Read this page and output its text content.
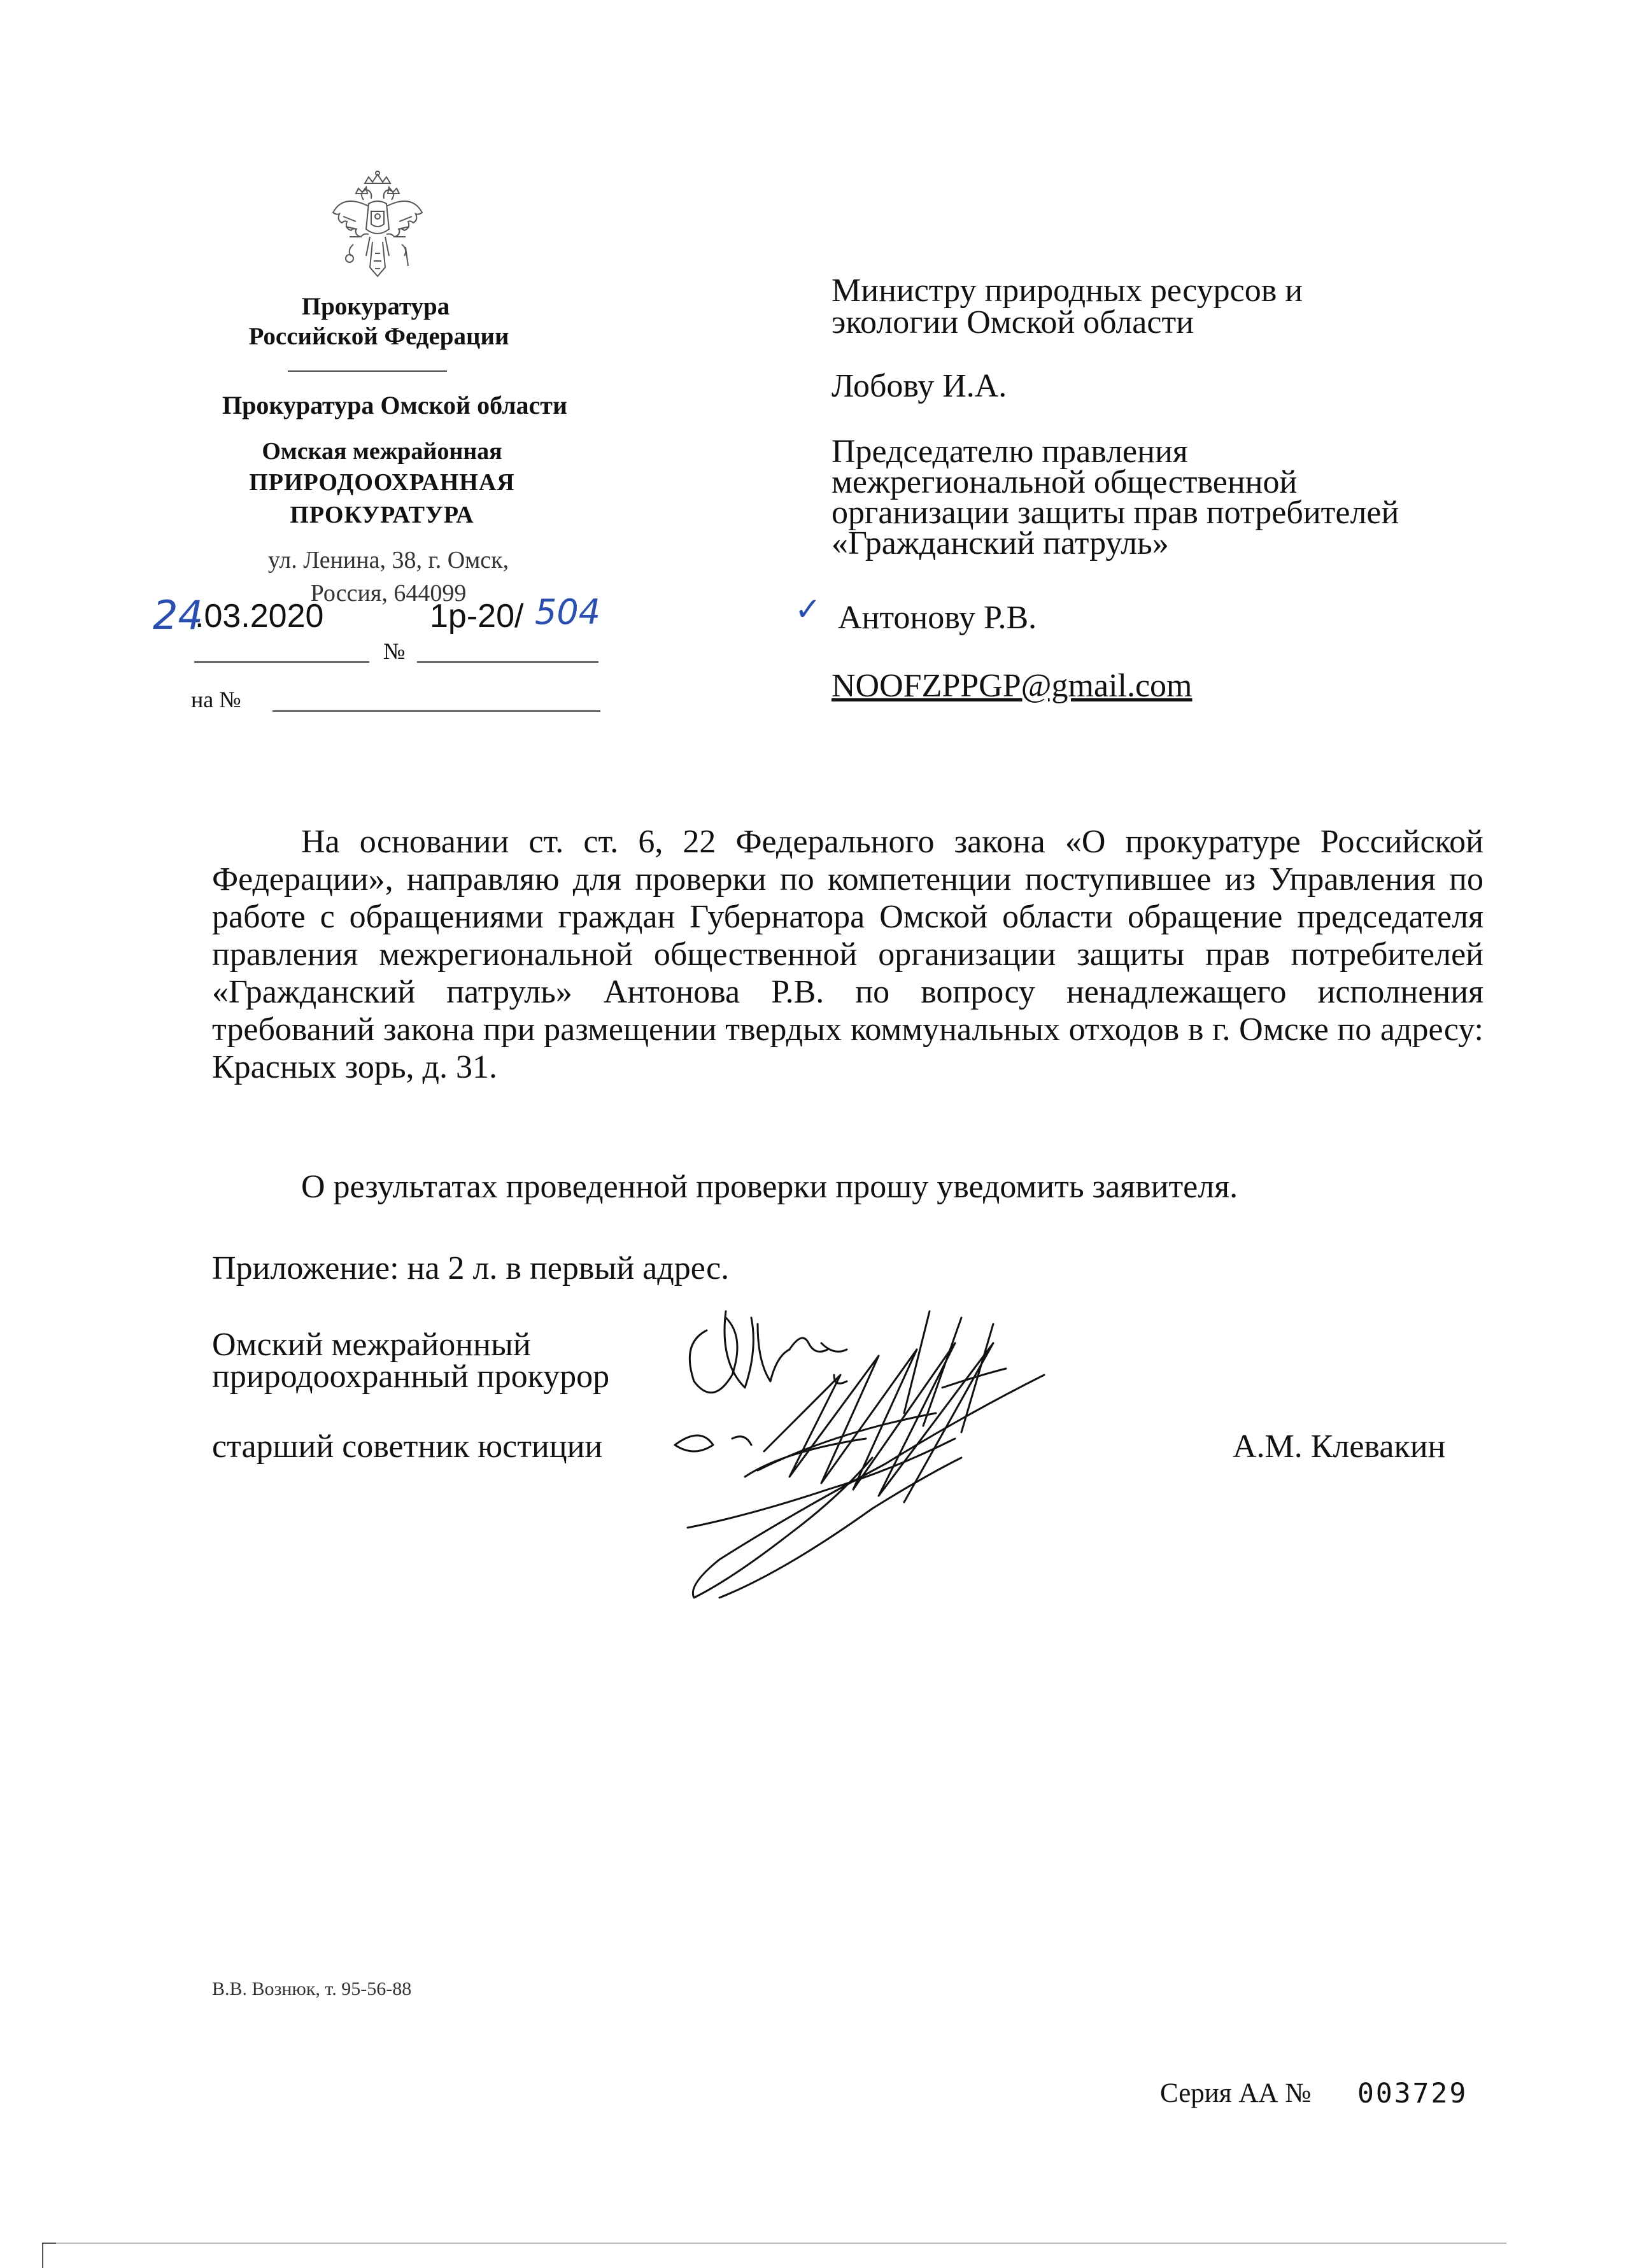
Прокуратура
Российской Федерации
Прокуратура Омской области
Омская межрайонная
ПРИРОДООХРАННАЯ
ПРОКУРАТУРА
ул. Ленина, 38, г. Омск,
Россия, 644099
24
.03.2020	1р-20/ 504
№
на №
Министру природных ресурсов и
экологии Омской области
Лобову И.А.
Председателю правления
межрегиональной общественной
организации защиты прав потребителей
«Гражданский патруль»
✓ Антонову Р.В.
NOOFZPPGP@gmail.com

На основании ст. ст. 6, 22 Федерального закона «О прокуратуре Российской Федерации», направляю для проверки по компетенции поступившее из Управления по работе с обращениями граждан Губернатора Омской области обращение председателя правления межрегиональной общественной организации защиты прав потребителей «Гражданский патруль» Антонова Р.В. по вопросу ненадлежащего исполнения требований закона при размещении твердых коммунальных отходов в г. Омске по адресу: Красных зорь, д. 31.

О результатах проведенной проверки прошу уведомить заявителя.

Приложение: на 2 л. в первый адрес.
Омский межрайонный
природоохранный прокурор
старший советник юстиции	А.М. Клевакин
В.В. Вознюк, т. 95-56-88
Серия АА № 003729
